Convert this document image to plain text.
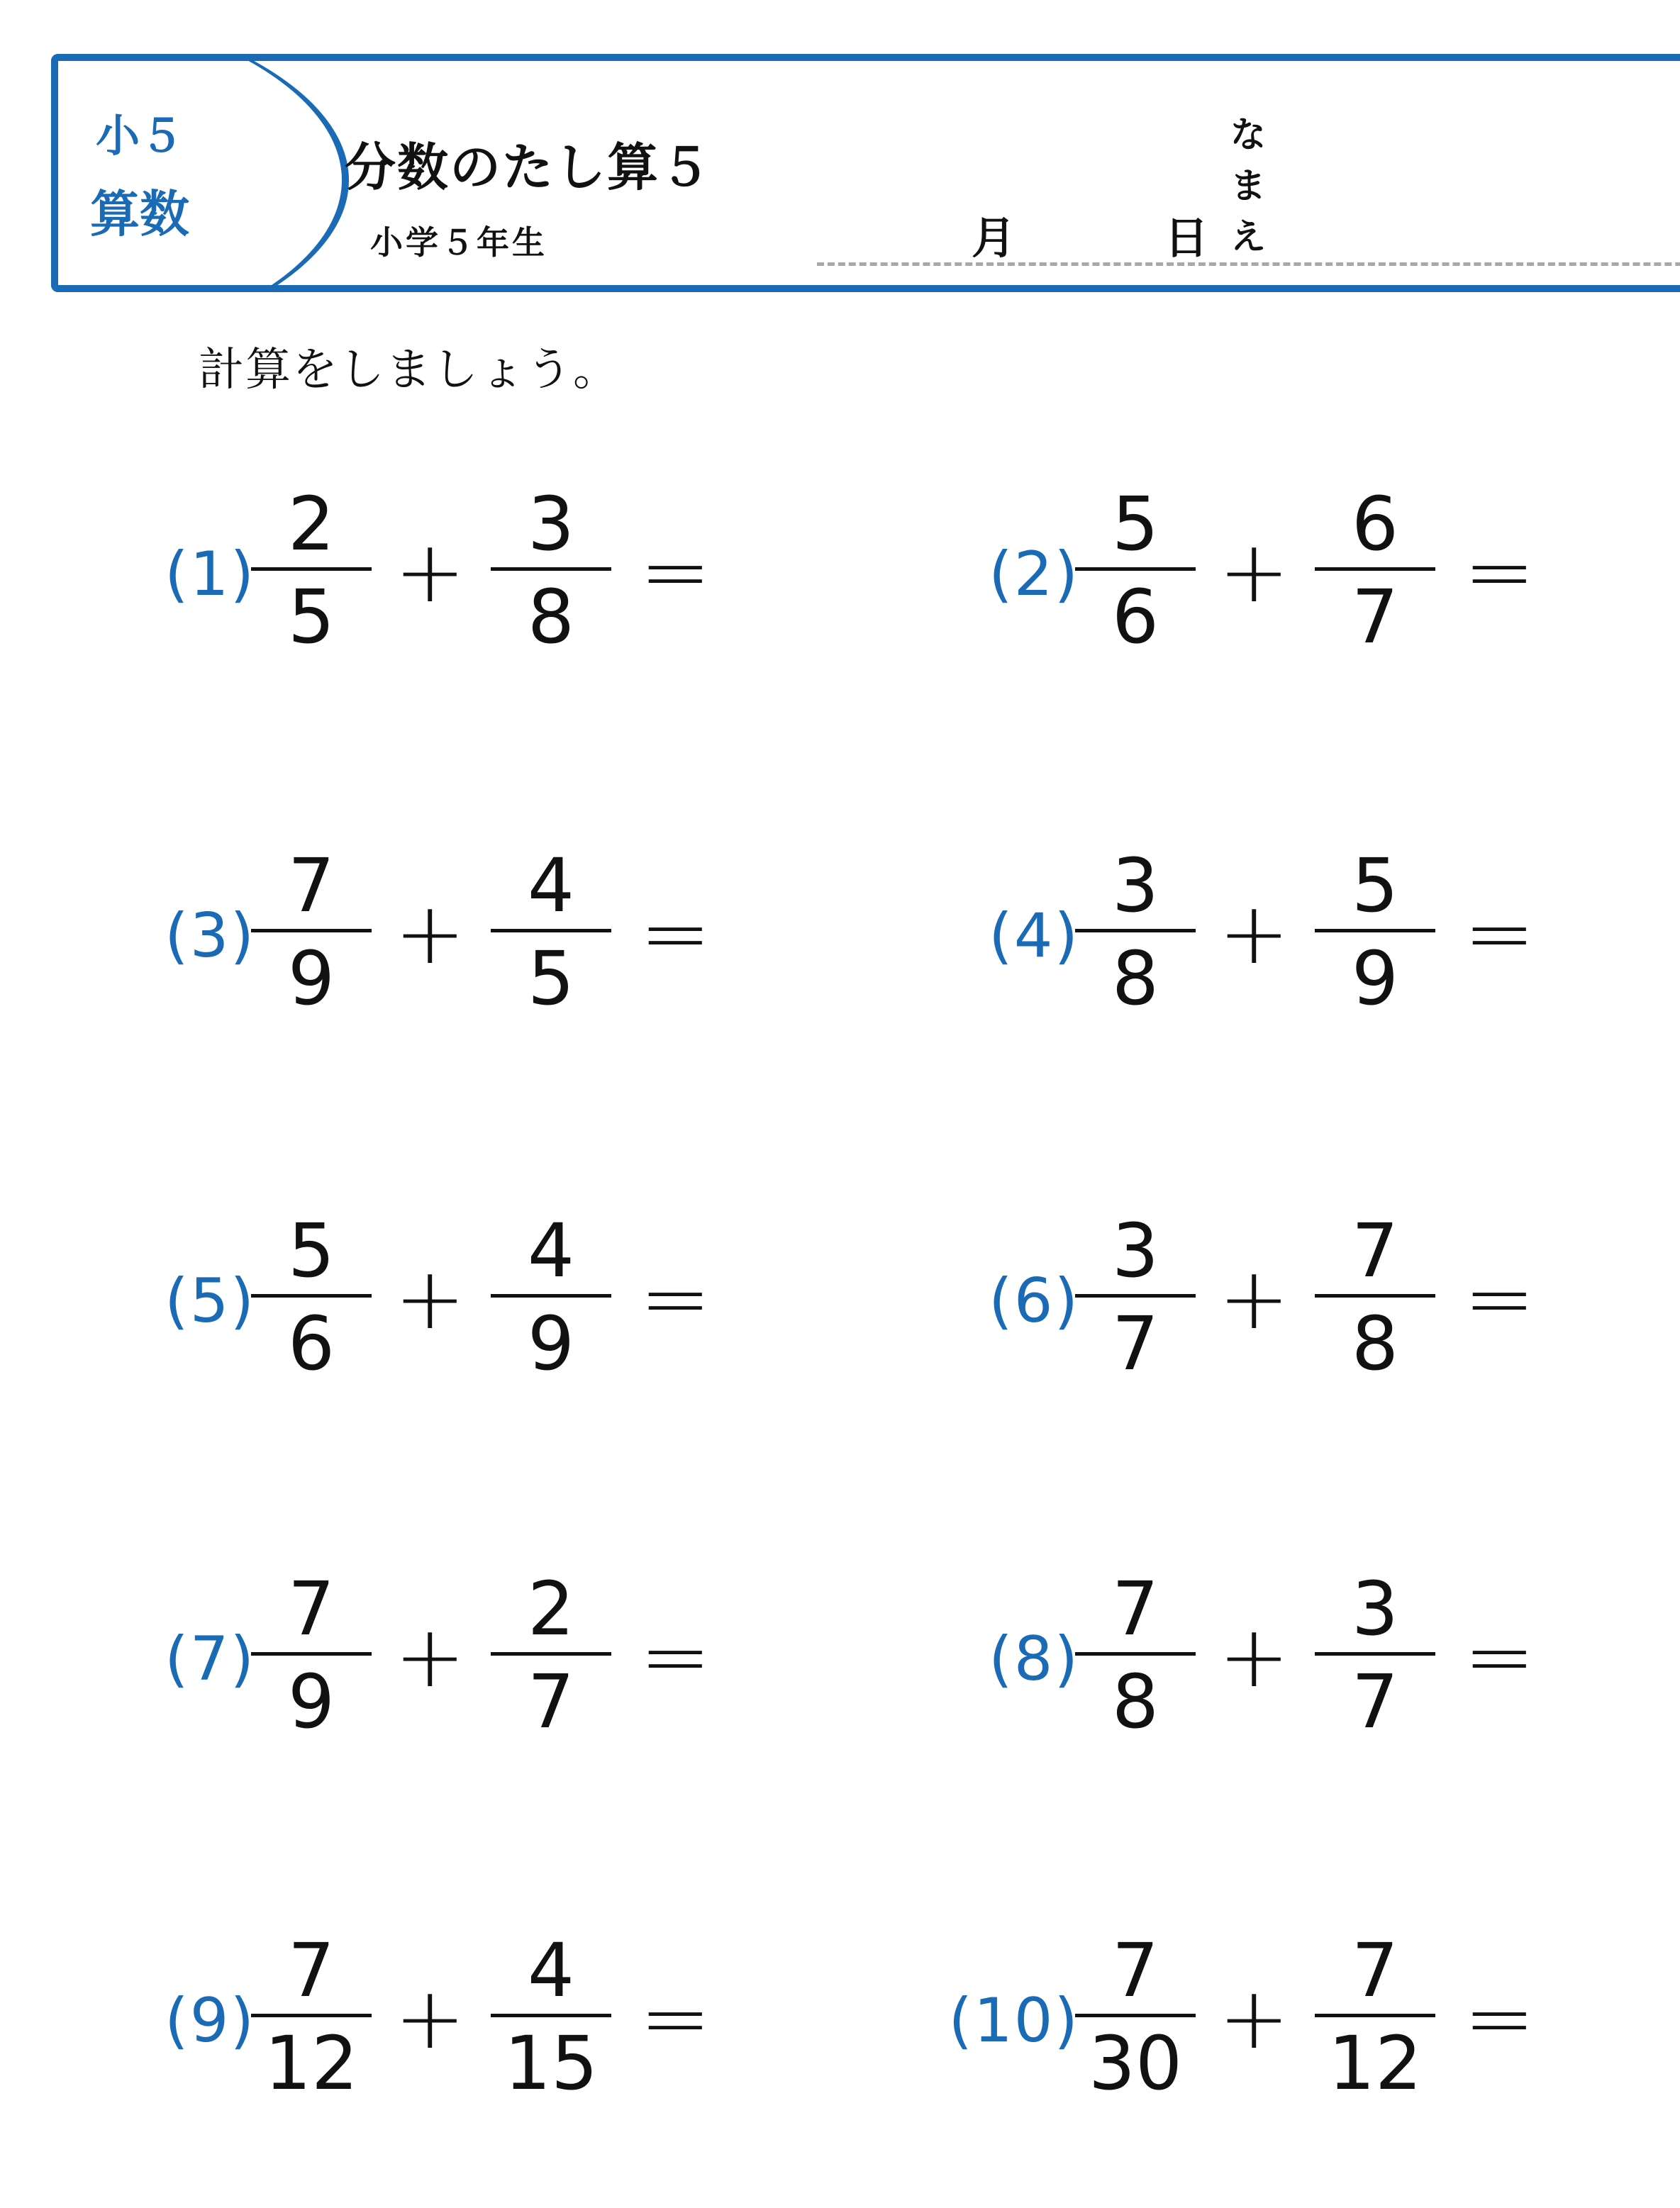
小５
算数
分数のたし算５
小学５年生	月	日
なまえ
計算をしましょう。
(1)
2
5 + 3
8 =	(2)
5
6 + 6
7 =
(3)
7
9 + 4
5 =	(4)
3
8 + 5
9 =
(5)
5
6 + 4
9 =	(6)
3
7 + 7
8 =
(7)
7
9 + 2
7 =	(8)
7
8 + 3
7 =
(9)
7
12 + 4
15 =	(10)
7
30 + 7
12 =
